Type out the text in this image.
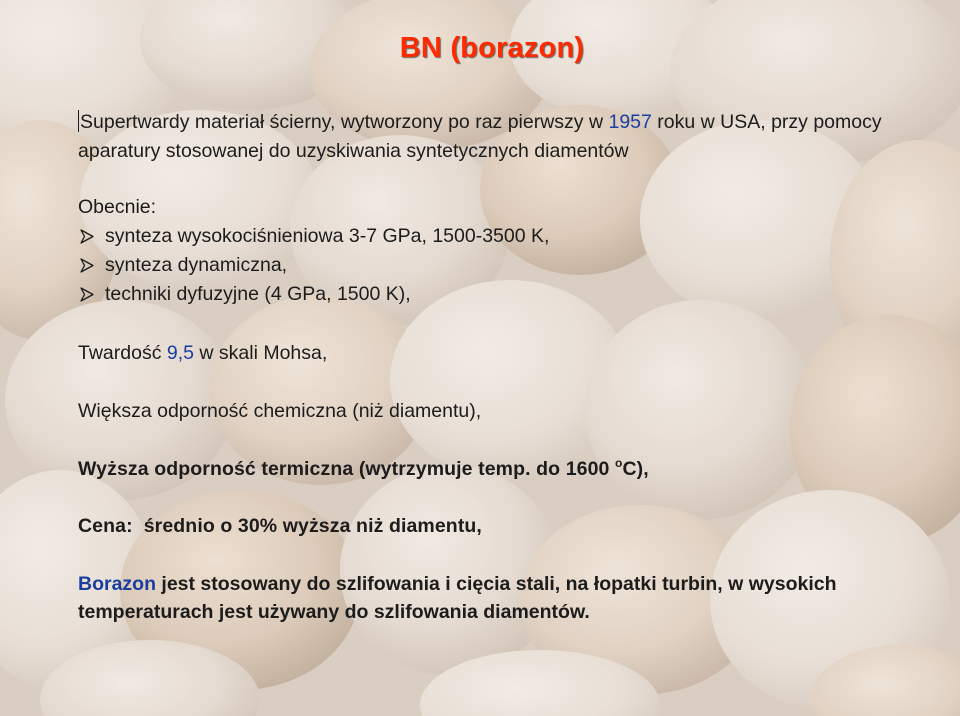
BN (borazon)

Supertwardy materiał ścierny, wytworzony po raz pierwszy w 1957 roku w USA, przy pomocy aparatury stosowanej do uzyskiwania syntetycznych diamentów

Obecnie:

synteza wysokociśnieniowa 3-7 GPa, 1500-3500 K,
synteza dynamiczna,
techniki dyfuzyjne (4 GPa, 1500 K),

Twardość 9,5 w skali Mohsa,

Większa odporność chemiczna (niż diamentu),

Wyższa odporność termiczna (wytrzymuje temp. do 1600 $^o$C),

Cena:  średnio o 30% wyższa niż diamentu,

Borazon jest stosowany do szlifowania i cięcia stali, na łopatki turbin, w wysokich temperaturach jest używany do szlifowania diamentów.
